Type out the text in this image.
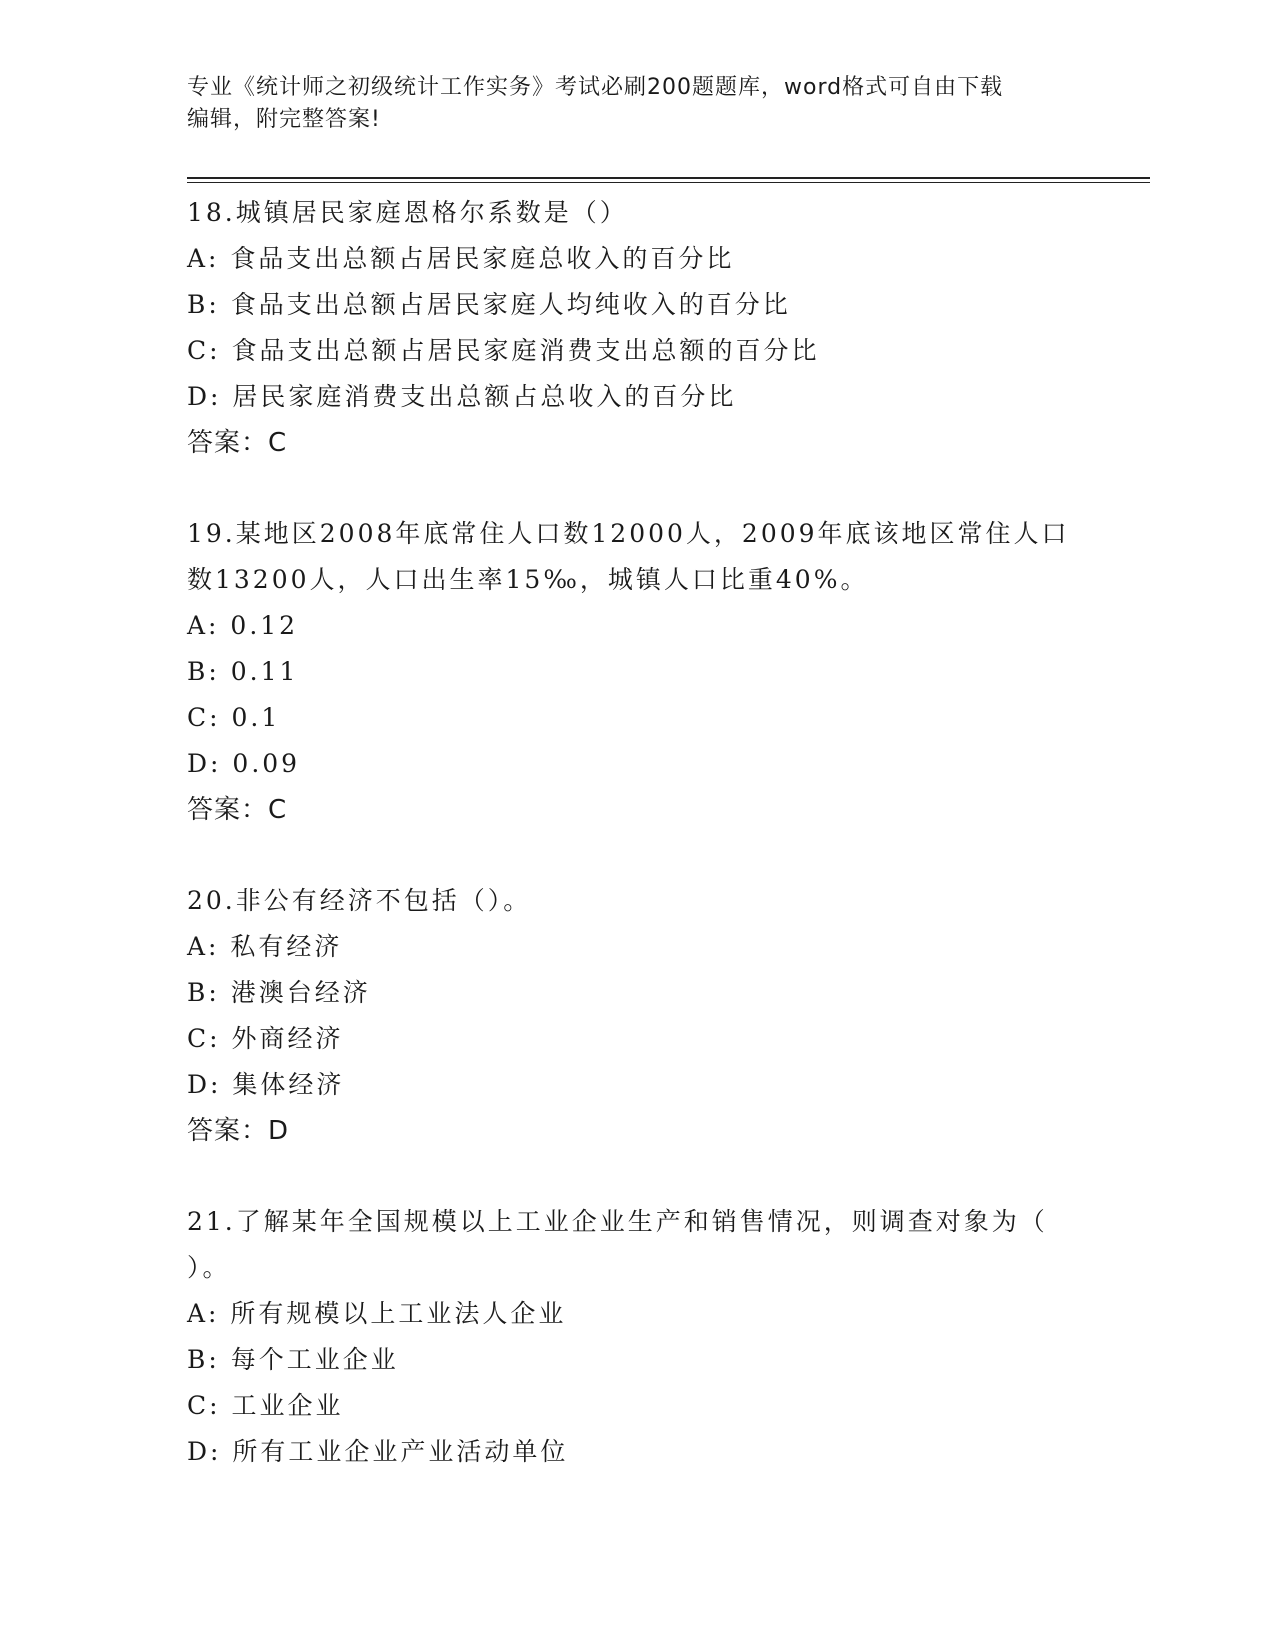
专业《统计师之初级统计工作实务》考试必刷200题题库，word格式可自由下载
编辑，附完整答案!
18.城镇居民家庭恩格尔系数是（）
A: 食品支出总额占居民家庭总收入的百分比
B: 食品支出总额占居民家庭人均纯收入的百分比
C: 食品支出总额占居民家庭消费支出总额的百分比
D: 居民家庭消费支出总额占总收入的百分比
答案：C
19.某地区2008年底常住人口数12000人，2009年底该地区常住人口
数13200人，人口出生率15‰，城镇人口比重40%。
A: 0.12
B: 0.11
C: 0.1
D: 0.09
答案：C
20.非公有经济不包括（）。
A: 私有经济
B: 港澳台经济
C: 外商经济
D: 集体经济
答案：D
21.了解某年全国规模以上工业企业生产和销售情况，则调查对象为（
）。
A: 所有规模以上工业法人企业
B: 每个工业企业
C: 工业企业
D: 所有工业企业产业活动单位
